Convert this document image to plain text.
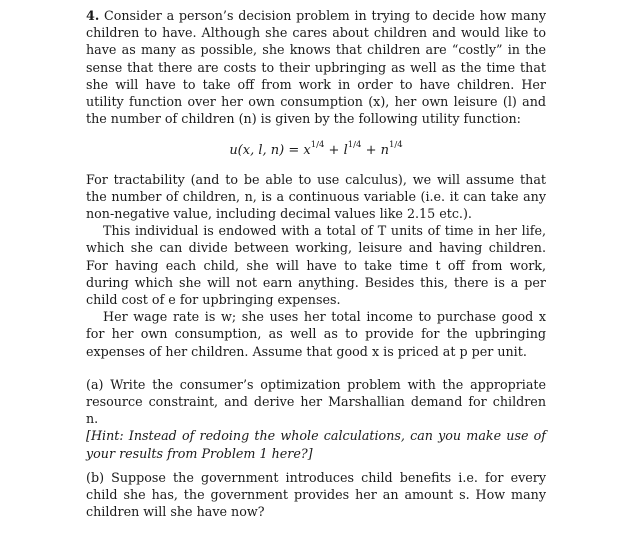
4. Consider a person’s decision problem in trying to decide how many children to have. Although she cares about children and would like to have as many as possible, she knows that children are “costly” in the sense that there are costs to their upbringing as well as the time that she will have to take off from work in order to have children. Her utility function over her own consumption (x), her own leisure (l) and the number of children (n) is given by the following utility function:

u(x, l, $n) = x^{1/4} + l^{1/4} + n^{1/4}$

For tractability (and to be able to use calculus), we will assume that the number of children, n, is a continuous variable (i.e. it can take any non-negative value, including decimal values like 2.15 etc.).

This individual is endowed with a total of T units of time in her life, which she can divide between working, leisure and having children. For having each child, she will have to take time t off from work, during which she will not earn anything. Besides this, there is a per child cost of e for upbringing expenses.

Her wage rate is w; she uses her total income to purchase good x for her own consumption, as well as to provide for the upbringing expenses of her children. Assume that good x is priced at p per unit.

(a) Write the consumer’s optimization problem with the appropriate resource constraint, and derive her Marshallian demand for children n.

[Hint: Instead of redoing the whole calculations, can you make use of your results from Problem 1 here?]

(b) Suppose the government introduces child benefits i.e. for every child she has, the government provides her an amount s. How many children will she have now?
